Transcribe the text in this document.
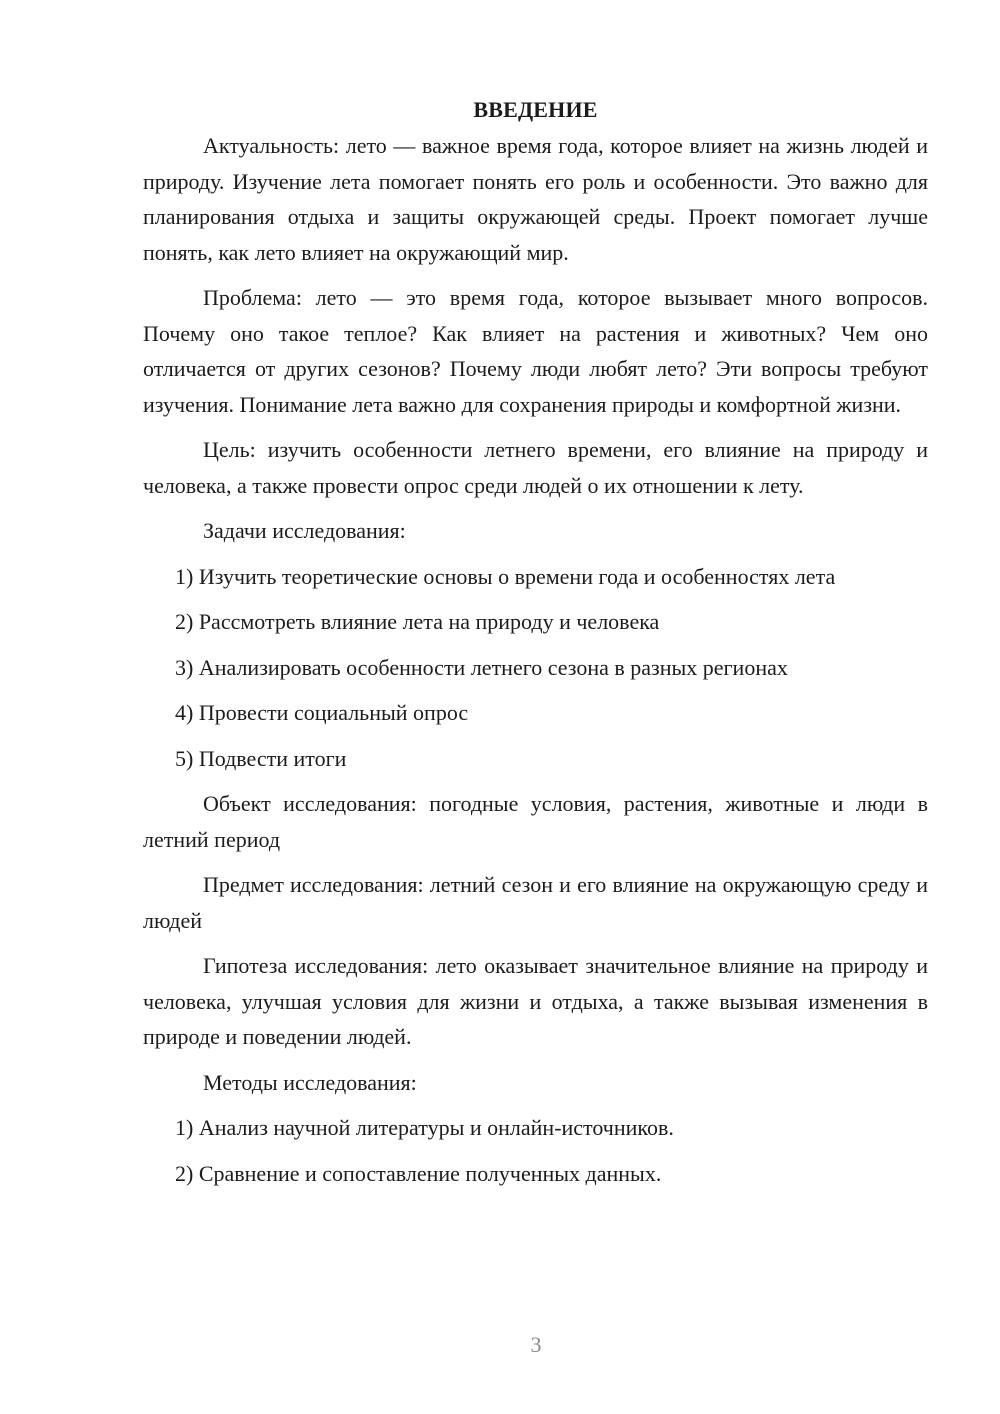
ВВЕДЕНИЕ

Актуальность: лето — важное время года, которое влияет на жизнь людей и природу. Изучение лета помогает понять его роль и особенности. Это важно для планирования отдыха и защиты окружающей среды. Проект помогает лучше понять, как лето влияет на окружающий мир.

Проблема: лето — это время года, которое вызывает много вопросов. Почему оно такое теплое? Как влияет на растения и животных? Чем оно отличается от других сезонов? Почему люди любят лето? Эти вопросы требуют изучения. Понимание лета важно для сохранения природы и комфортной жизни.

Цель: изучить особенности летнего времени, его влияние на природу и человека, а также провести опрос среди людей о их отношении к лету.

Задачи исследования:

1) Изучить теоретические основы о времени года и особенностях лета

2) Рассмотреть влияние лета на природу и человека

3) Анализировать особенности летнего сезона в разных регионах

4) Провести социальный опрос

5) Подвести итоги

Объект исследования: погодные условия, растения, животные и люди в летний период

Предмет исследования: летний сезон и его влияние на окружающую среду и людей

Гипотеза исследования: лето оказывает значительное влияние на природу и человека, улучшая условия для жизни и отдыха, а также вызывая изменения в природе и поведении людей.

Методы исследования:

1) Анализ научной литературы и онлайн-источников.

2) Сравнение и сопоставление полученных данных.

3
